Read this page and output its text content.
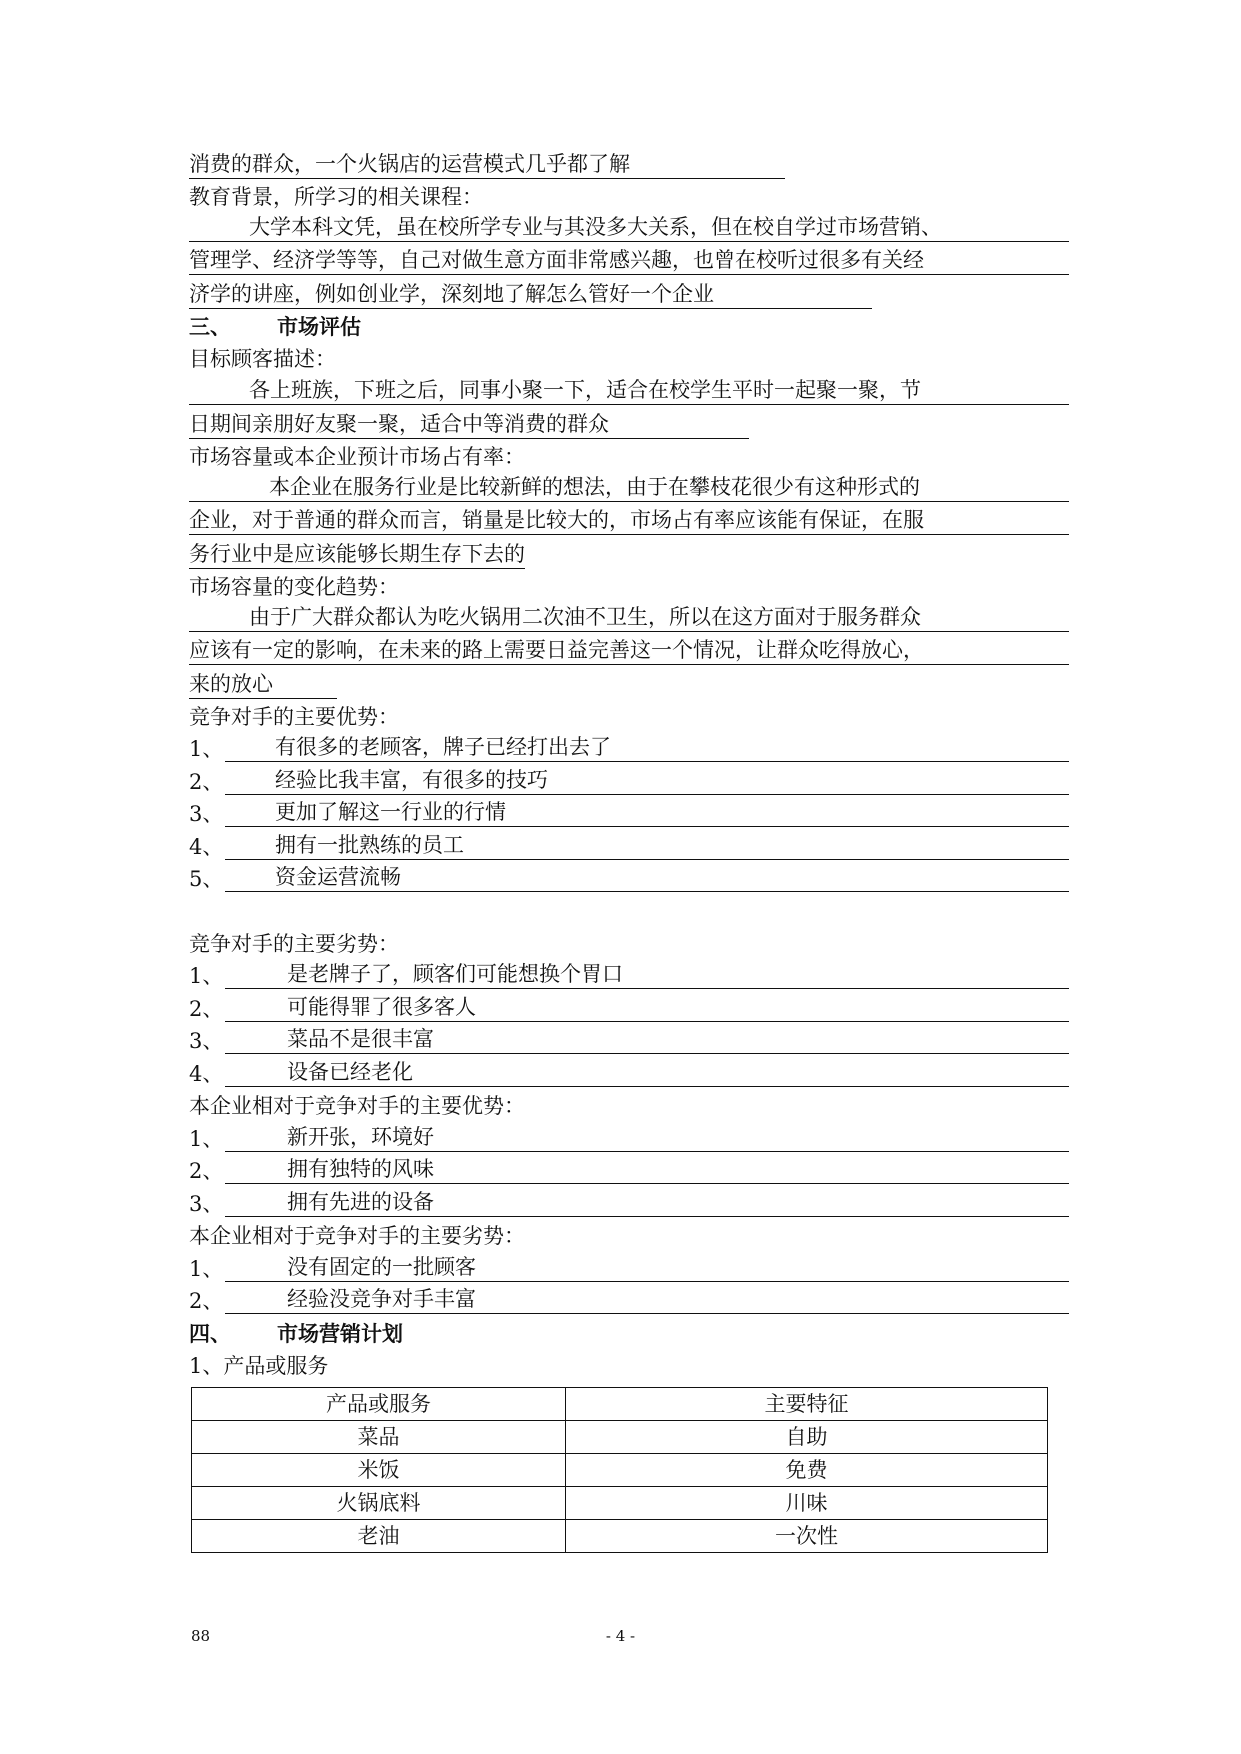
消费的群众，一个火锅店的运营模式几乎都了解
教育背景，所学习的相关课程：
大学本科文凭，虽在校所学专业与其没多大关系，但在校自学过市场营销、
管理学、经济学等等，自己对做生意方面非常感兴趣，也曾在校听过很多有关经
济学的讲座，例如创业学，深刻地了解怎么管好一个企业
三、 市场评估
目标顾客描述：
各上班族，下班之后，同事小聚一下，适合在校学生平时一起聚一聚，节
日期间亲朋好友聚一聚，适合中等消费的群众
市场容量或本企业预计市场占有率：
本企业在服务行业是比较新鲜的想法，由于在攀枝花很少有这种形式的
企业，对于普通的群众而言，销量是比较大的，市场占有率应该能有保证，在服
务行业中是应该能够长期生存下去的
市场容量的变化趋势：
由于广大群众都认为吃火锅用二次油不卫生，所以在这方面对于服务群众
应该有一定的影响，在未来的路上需要日益完善这一个情况，让群众吃得放心，
来的放心
竞争对手的主要优势：
1、	有很多的老顾客，牌子已经打出去了
2、	经验比我丰富，有很多的技巧
3、	更加了解这一行业的行情
4、	拥有一批熟练的员工
5、	资金运营流畅
竞争对手的主要劣势：
1、	是老牌子了，顾客们可能想换个胃口
2、	可能得罪了很多客人
3、	菜品不是很丰富
4、	设备已经老化
本企业相对于竞争对手的主要优势：
1、	新开张，环境好
2、	拥有独特的风味
3、	拥有先进的设备
本企业相对于竞争对手的主要劣势：
1、	没有固定的一批顾客
2、	经验没竞争对手丰富
四、 市场营销计划
1、产品或服务
产品或服务	主要特征
菜品	自助
米饭	免费
火锅底料	川味
老油	一次性
- 4 -
88
